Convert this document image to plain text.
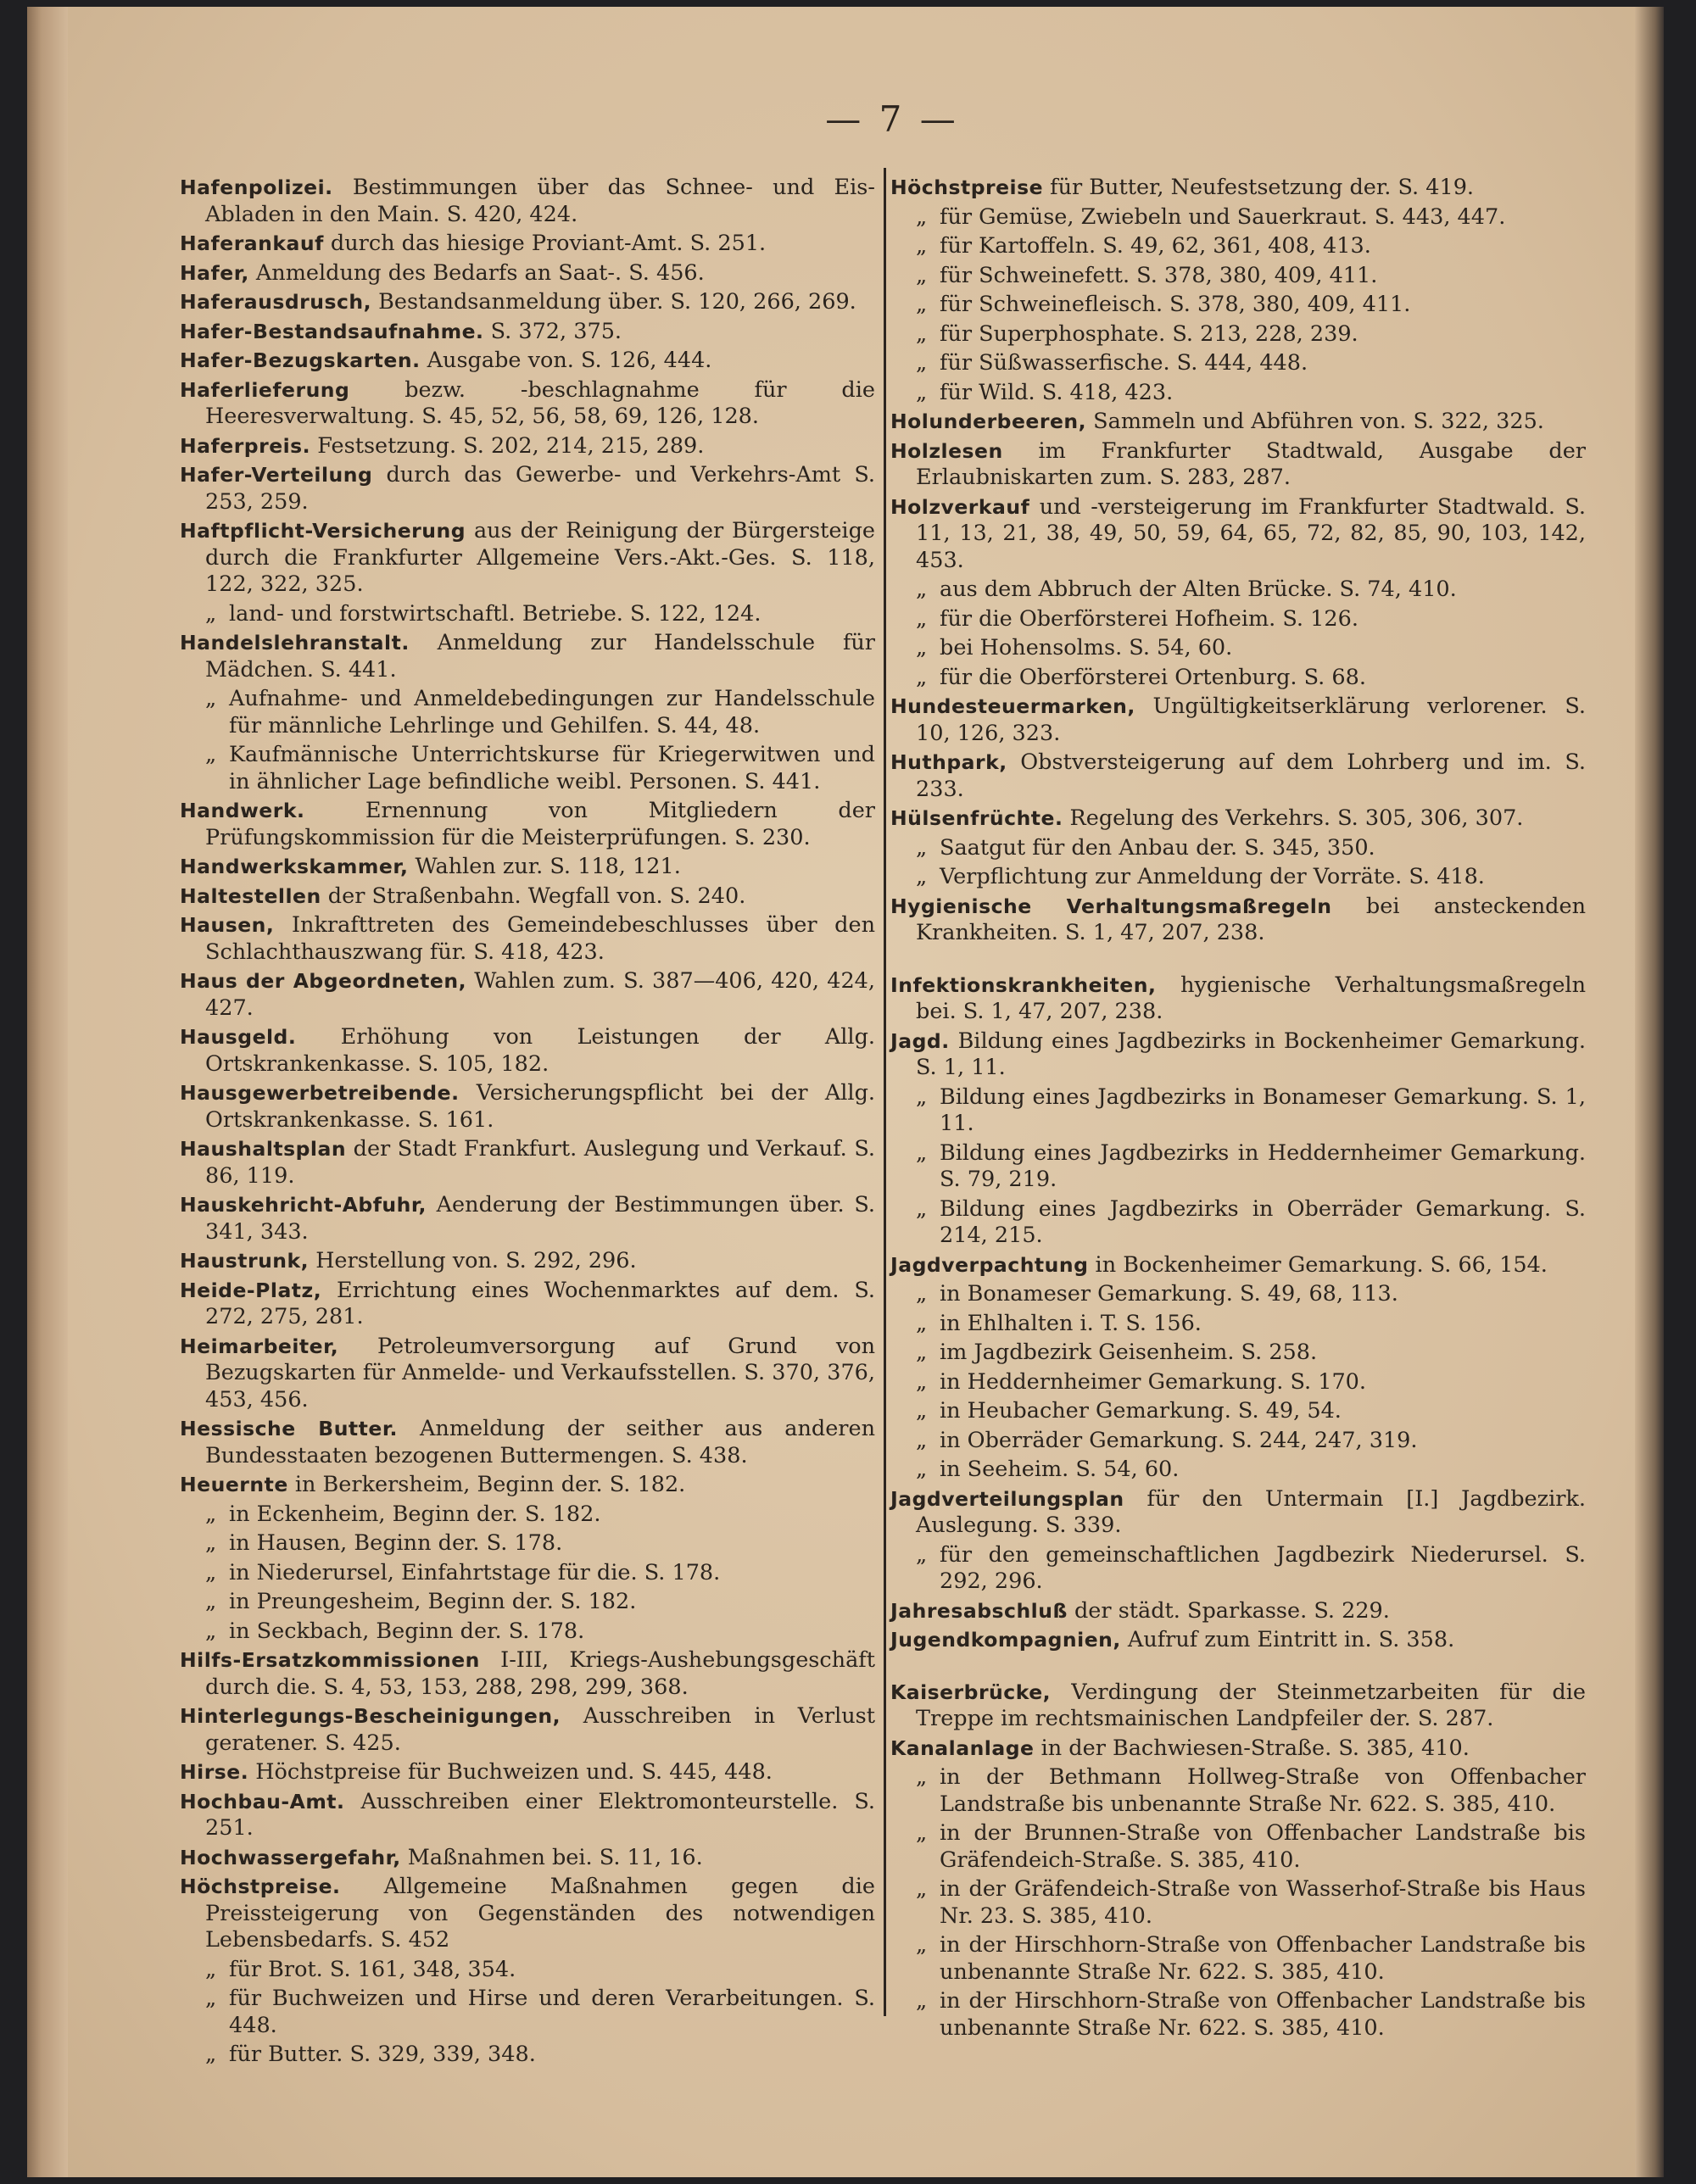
— 7 —

Hafenpolizei. Bestimmungen über das Schnee- und Eis-Abladen in den Main. S. 420, 424.

Haferankauf durch das hiesige Proviant-Amt. S. 251.

Hafer, Anmeldung des Bedarfs an Saat-. S. 456.

Haferausdrusch, Bestandsanmeldung über. S. 120, 266, 269.

Hafer-Bestandsaufnahme. S. 372, 375.

Hafer-Bezugskarten. Ausgabe von. S. 126, 444.

Haferlieferung bezw. -beschlagnahme für die Heeresverwaltung. S. 45, 52, 56, 58, 69, 126, 128.

Haferpreis. Festsetzung. S. 202, 214, 215, 289.

Hafer-Verteilung durch das Gewerbe- und Verkehrs-Amt S. 253, 259.

Haftpflicht-Versicherung aus der Reinigung der Bürgersteige durch die Frankfurter Allgemeine Vers.-Akt.-Ges. S. 118, 122, 322, 325.

„ land- und forstwirtschaftl. Betriebe. S. 122, 124.

Handelslehranstalt. Anmeldung zur Handelsschule für Mädchen. S. 441.

„ Aufnahme- und Anmeldebedingungen zur Handelsschule für männliche Lehrlinge und Gehilfen. S. 44, 48.

„ Kaufmännische Unterrichtskurse für Kriegerwitwen und in ähnlicher Lage befindliche weibl. Personen. S. 441.

Handwerk. Ernennung von Mitgliedern der Prüfungskommission für die Meisterprüfungen. S. 230.

Handwerkskammer, Wahlen zur. S. 118, 121.

Haltestellen der Straßenbahn. Wegfall von. S. 240.

Hausen, Inkrafttreten des Gemeindebeschlusses über den Schlachthauszwang für. S. 418, 423.

Haus der Abgeordneten, Wahlen zum. S. 387—406, 420, 424, 427.

Hausgeld. Erhöhung von Leistungen der Allg. Ortskrankenkasse. S. 105, 182.

Hausgewerbetreibende. Versicherungspflicht bei der Allg. Ortskrankenkasse. S. 161.

Haushaltsplan der Stadt Frankfurt. Auslegung und Verkauf. S. 86, 119.

Hauskehricht-Abfuhr, Aenderung der Bestimmungen über. S. 341, 343.

Haustrunk, Herstellung von. S. 292, 296.

Heide-Platz, Errichtung eines Wochenmarktes auf dem. S. 272, 275, 281.

Heimarbeiter, Petroleumversorgung auf Grund von Bezugskarten für Anmelde- und Verkaufsstellen. S. 370, 376, 453, 456.

Hessische Butter. Anmeldung der seither aus anderen Bundesstaaten bezogenen Buttermengen. S. 438.

Heuernte in Berkersheim, Beginn der. S. 182.

„ in Eckenheim, Beginn der. S. 182.

„ in Hausen, Beginn der. S. 178.

„ in Niederursel, Einfahrtstage für die. S. 178.

„ in Preungesheim, Beginn der. S. 182.

„ in Seckbach, Beginn der. S. 178.

Hilfs-Ersatzkommissionen I-III, Kriegs-Aushebungsgeschäft durch die. S. 4, 53, 153, 288, 298, 299, 368.

Hinterlegungs-Bescheinigungen, Ausschreiben in Verlust geratener. S. 425.

Hirse. Höchstpreise für Buchweizen und. S. 445, 448.

Hochbau-Amt. Ausschreiben einer Elektromonteurstelle. S. 251.

Hochwassergefahr, Maßnahmen bei. S. 11, 16.

Höchstpreise. Allgemeine Maßnahmen gegen die Preissteigerung von Gegenständen des notwendigen Lebensbedarfs. S. 452

„ für Brot. S. 161, 348, 354.

„ für Buchweizen und Hirse und deren Verarbeitungen. S. 448.

„ für Butter. S. 329, 339, 348.

Höchstpreise für Butter, Neufestsetzung der. S. 419.

„ für Gemüse, Zwiebeln und Sauerkraut. S. 443, 447.

„ für Kartoffeln. S. 49, 62, 361, 408, 413.

„ für Schweinefett. S. 378, 380, 409, 411.

„ für Schweinefleisch. S. 378, 380, 409, 411.

„ für Superphosphate. S. 213, 228, 239.

„ für Süßwasserfische. S. 444, 448.

„ für Wild. S. 418, 423.

Holunderbeeren, Sammeln und Abführen von. S. 322, 325.

Holzlesen im Frankfurter Stadtwald, Ausgabe der Erlaubniskarten zum. S. 283, 287.

Holzverkauf und -versteigerung im Frankfurter Stadtwald. S. 11, 13, 21, 38, 49, 50, 59, 64, 65, 72, 82, 85, 90, 103, 142, 453.

„ aus dem Abbruch der Alten Brücke. S. 74, 410.

„ für die Oberförsterei Hofheim. S. 126.

„ bei Hohensolms. S. 54, 60.

„ für die Oberförsterei Ortenburg. S. 68.

Hundesteuermarken, Ungültigkeitserklärung verlorener. S. 10, 126, 323.

Huthpark, Obstversteigerung auf dem Lohrberg und im. S. 233.

Hülsenfrüchte. Regelung des Verkehrs. S. 305, 306, 307.

„ Saatgut für den Anbau der. S. 345, 350.

„ Verpflichtung zur Anmeldung der Vorräte. S. 418.

Hygienische Verhaltungsmaßregeln bei ansteckenden Krankheiten. S. 1, 47, 207, 238.

Infektionskrankheiten, hygienische Verhaltungsmaßregeln bei. S. 1, 47, 207, 238.

Jagd. Bildung eines Jagdbezirks in Bockenheimer Gemarkung. S. 1, 11.

„ Bildung eines Jagdbezirks in Bonameser Gemarkung. S. 1, 11.

„ Bildung eines Jagdbezirks in Heddernheimer Gemarkung. S. 79, 219.

„ Bildung eines Jagdbezirks in Oberräder Gemarkung. S. 214, 215.

Jagdverpachtung in Bockenheimer Gemarkung. S. 66, 154.

„ in Bonameser Gemarkung. S. 49, 68, 113.

„ in Ehlhalten i. T. S. 156.

„ im Jagdbezirk Geisenheim. S. 258.

„ in Heddernheimer Gemarkung. S. 170.

„ in Heubacher Gemarkung. S. 49, 54.

„ in Oberräder Gemarkung. S. 244, 247, 319.

„ in Seeheim. S. 54, 60.

Jagdverteilungsplan für den Untermain [I.] Jagdbezirk. Auslegung. S. 339.

„ für den gemeinschaftlichen Jagdbezirk Niederursel. S. 292, 296.

Jahresabschluß der städt. Sparkasse. S. 229.

Jugendkompagnien, Aufruf zum Eintritt in. S. 358.

Kaiserbrücke, Verdingung der Steinmetzarbeiten für die Treppe im rechtsmainischen Landpfeiler der. S. 287.

Kanalanlage in der Bachwiesen-Straße. S. 385, 410.

„ in der Bethmann Hollweg-Straße von Offenbacher Landstraße bis unbenannte Straße Nr. 622. S. 385, 410.

„ in der Brunnen-Straße von Offenbacher Landstraße bis Gräfendeich-Straße. S. 385, 410.

„ in der Gräfendeich-Straße von Wasserhof-Straße bis Haus Nr. 23. S. 385, 410.

„ in der Hirschhorn-Straße von Offenbacher Landstraße bis unbenannte Straße Nr. 622. S. 385, 410.

„ in der Hirschhorn-Straße von Offenbacher Landstraße bis unbenannte Straße Nr. 622. S. 385, 410.
